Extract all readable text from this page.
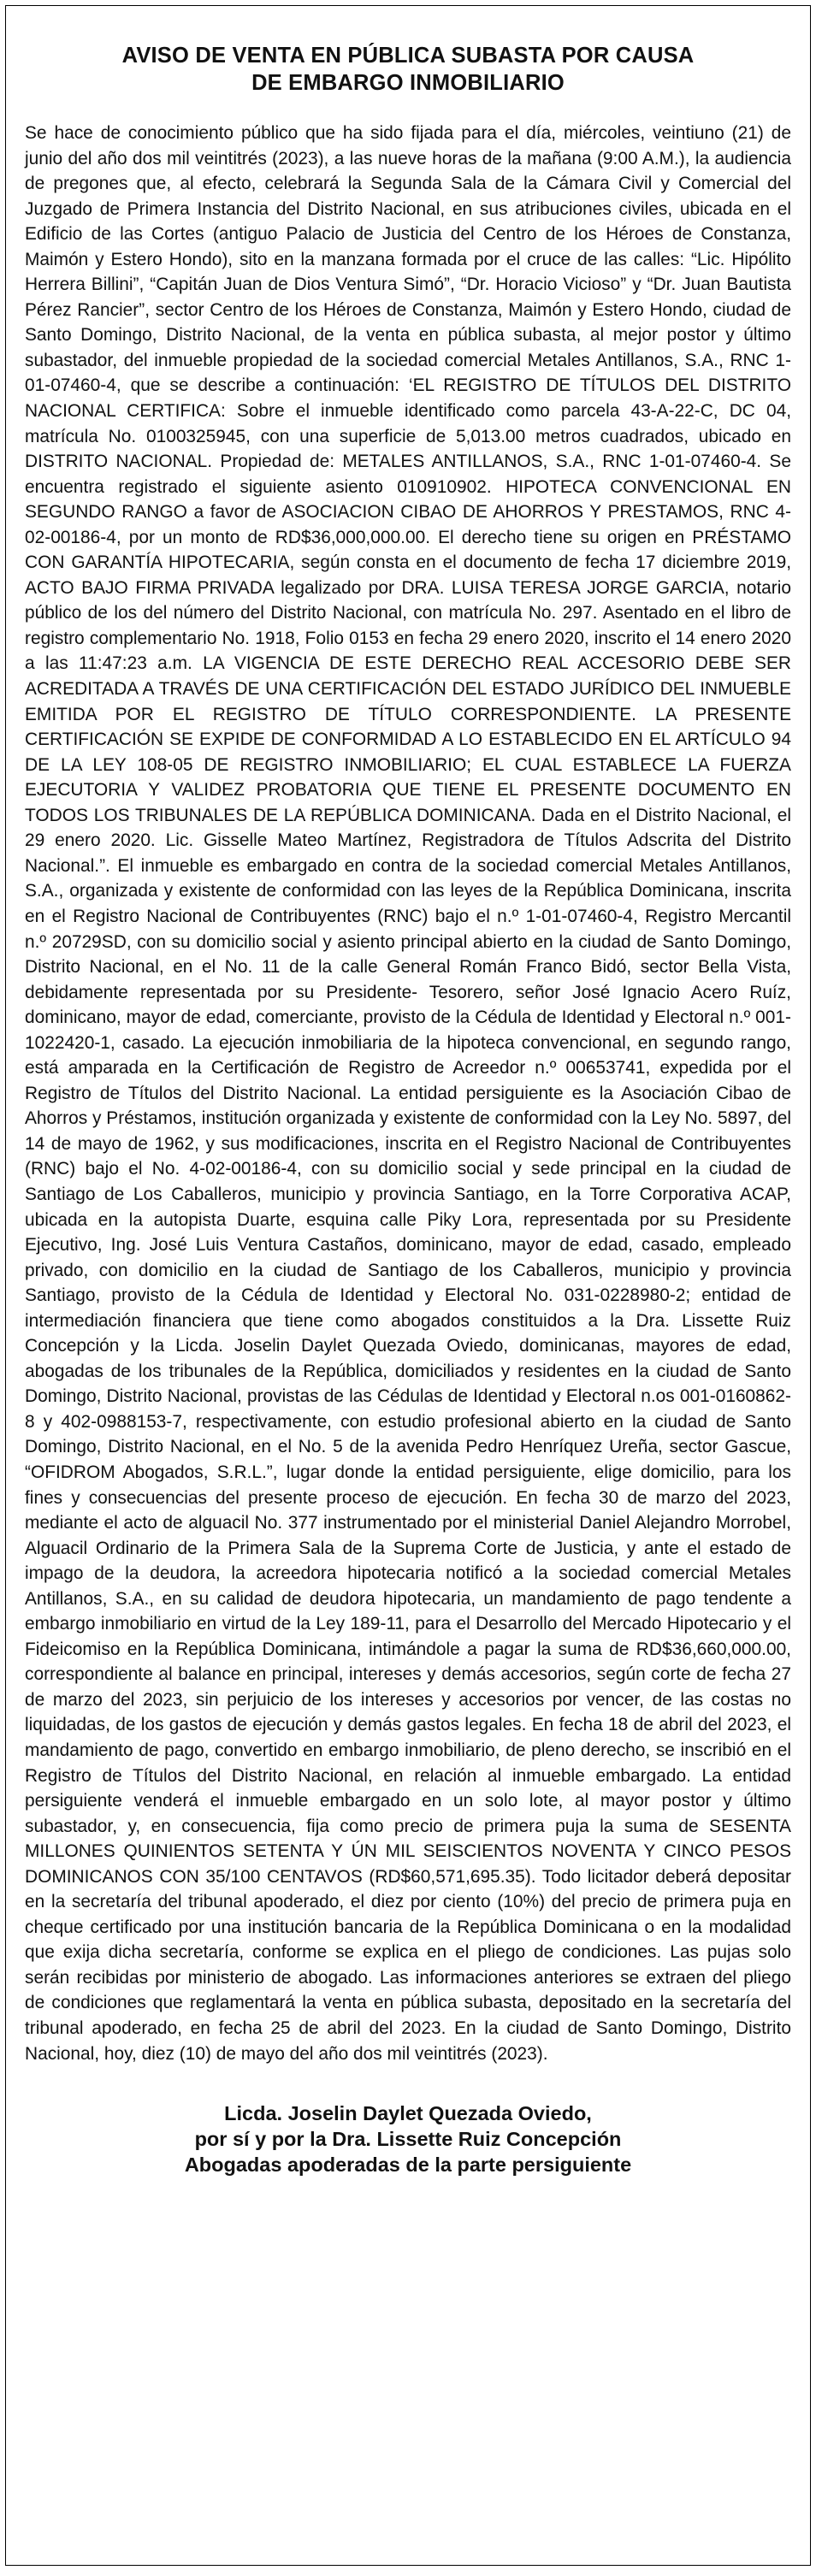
AVISO DE VENTA EN PÚBLICA SUBASTA POR CAUSA
DE EMBARGO INMOBILIARIO

Se hace de conocimiento público que ha sido fijada para el día, miércoles, veintiuno (21) de junio del año dos mil veintitrés (2023), a las nueve horas de la mañana (9:00 A.M.), la audiencia de pregones que, al efecto, celebrará la Segunda Sala de la Cámara Civil y Comercial del Juzgado de Primera Instancia del Distrito Nacional, en sus atribuciones civiles, ubicada en el Edificio de las Cortes (antiguo Palacio de Justicia del Centro de los Héroes de Constanza, Maimón y Estero Hondo), sito en la manzana formada por el cruce de las calles: “Lic. Hipólito Herrera Billini”, “Capitán Juan de Dios Ventura Simó”, “Dr. Horacio Vicioso” y “Dr. Juan Bautista Pérez Rancier”, sector Centro de los Héroes de Constanza, Maimón y Estero Hondo, ciudad de Santo Domingo, Distrito Nacional, de la venta en pública subasta, al mejor postor y último subastador, del inmueble propiedad de la sociedad comercial Metales Antillanos, S.A., RNC 1-01-07460-4, que se describe a continuación: ‘EL REGISTRO DE TÍTULOS DEL DISTRITO NACIONAL CERTIFICA: Sobre el inmueble identificado como parcela 43-A-22-C, DC 04, matrícula No. 0100325945, con una superficie de 5,013.00 metros cuadrados, ubicado en DISTRITO NACIONAL. Propiedad de: METALES ANTILLANOS, S.A., RNC 1-01-07460-4. Se encuentra registrado el siguiente asiento 010910902. HIPOTECA CONVENCIONAL EN SEGUNDO RANGO a favor de ASOCIACION CIBAO DE AHORROS Y PRESTAMOS, RNC 4-02-00186-4, por un monto de RD$36,000,000.00. El derecho tiene su origen en PRÉSTAMO CON GARANTÍA HIPOTECARIA, según consta en el documento de fecha 17 diciembre 2019, ACTO BAJO FIRMA PRIVADA legalizado por DRA. LUISA TERESA JORGE GARCIA, notario público de los del número del Distrito Nacional, con matrícula No. 297. Asentado en el libro de registro complementario No. 1918, Folio 0153 en fecha 29 enero 2020, inscrito el 14 enero 2020 a las 11:47:23 a.m. LA VIGENCIA DE ESTE DERECHO REAL ACCESORIO DEBE SER ACREDITADA A TRAVÉS DE UNA CERTIFICACIÓN DEL ESTADO JURÍDICO DEL INMUEBLE EMITIDA POR EL REGISTRO DE TÍTULO CORRESPONDIENTE. LA PRESENTE CERTIFICACIÓN SE EXPIDE DE CONFORMIDAD A LO ESTABLECIDO EN EL ARTÍCULO 94 DE LA LEY 108-05 DE REGISTRO INMOBILIARIO; EL CUAL ESTABLECE LA FUERZA EJECUTORIA Y VALIDEZ PROBATORIA QUE TIENE EL PRESENTE DOCUMENTO EN TODOS LOS TRIBUNALES DE LA REPÚBLICA DOMINICANA. Dada en el Distrito Nacional, el 29 enero 2020. Lic. Gisselle Mateo Martínez, Registradora de Títulos Adscrita del Distrito Nacional.”. El inmueble es embargado en contra de la sociedad comercial Metales Antillanos, S.A., organizada y existente de conformidad con las leyes de la República Dominicana, inscrita en el Registro Nacional de Contribuyentes (RNC) bajo el n.º 1-01-07460-4, Registro Mercantil n.º 20729SD, con su domicilio social y asiento principal abierto en la ciudad de Santo Domingo, Distrito Nacional, en el No. 11 de la calle General Román Franco Bidó, sector Bella Vista, debidamente representada por su Presidente- Tesorero, señor José Ignacio Acero Ruíz, dominicano, mayor de edad, comerciante, provisto de la Cédula de Identidad y Electoral n.º 001-1022420-1, casado. La ejecución inmobiliaria de la hipoteca convencional, en segundo rango, está amparada en la Certificación de Registro de Acreedor n.º 00653741, expedida por el Registro de Títulos del Distrito Nacional. La entidad persiguiente es la Asociación Cibao de Ahorros y Préstamos, institución organizada y existente de conformidad con la Ley No. 5897, del 14 de mayo de 1962, y sus modificaciones, inscrita en el Registro Nacional de Contribuyentes (RNC) bajo el No. 4-02-00186-4, con su domicilio social y sede principal en la ciudad de Santiago de Los Caballeros, municipio y provincia Santiago, en la Torre Corporativa ACAP, ubicada en la autopista Duarte, esquina calle Piky Lora, representada por su Presidente Ejecutivo, Ing. José Luis Ventura Castaños, dominicano, mayor de edad, casado, empleado privado, con domicilio en la ciudad de Santiago de los Caballeros, municipio y provincia Santiago, provisto de la Cédula de Identidad y Electoral No. 031-0228980-2; entidad de intermediación financiera que tiene como abogados constituidos a la Dra. Lissette Ruiz Concepción y la Licda. Joselin Daylet Quezada Oviedo, dominicanas, mayores de edad, abogadas de los tribunales de la República, domiciliados y residentes en la ciudad de Santo Domingo, Distrito Nacional, provistas de las Cédulas de Identidad y Electoral n.os 001-0160862-8 y 402-0988153-7, respectivamente, con estudio profesional abierto en la ciudad de Santo Domingo, Distrito Nacional, en el No. 5 de la avenida Pedro Henríquez Ureña, sector Gascue, “OFIDROM Abogados, S.R.L.”, lugar donde la entidad persiguiente, elige domicilio, para los fines y consecuencias del presente proceso de ejecución. En fecha 30 de marzo del 2023, mediante el acto de alguacil No. 377 instrumentado por el ministerial Daniel Alejandro Morrobel, Alguacil Ordinario de la Primera Sala de la Suprema Corte de Justicia, y ante el estado de impago de la deudora, la acreedora hipotecaria notificó a la sociedad comercial Metales Antillanos, S.A., en su calidad de deudora hipotecaria, un mandamiento de pago tendente a embargo inmobiliario en virtud de la Ley 189-11, para el Desarrollo del Mercado Hipotecario y el Fideicomiso en la República Dominicana, intimándole a pagar la suma de RD$36,660,000.00, correspondiente al balance en principal, intereses y demás accesorios, según corte de fecha 27 de marzo del 2023, sin perjuicio de los intereses y accesorios por vencer, de las costas no liquidadas, de los gastos de ejecución y demás gastos legales. En fecha 18 de abril del 2023, el mandamiento de pago, convertido en embargo inmobiliario, de pleno derecho, se inscribió en el Registro de Títulos del Distrito Nacional, en relación al inmueble embargado. La entidad persiguiente venderá el inmueble embargado en un solo lote, al mayor postor y último subastador, y, en consecuencia, fija como precio de primera puja la suma de SESENTA MILLONES QUINIENTOS SETENTA Y ÚN MIL SEISCIENTOS NOVENTA Y CINCO PESOS DOMINICANOS CON 35/100 CENTAVOS (RD$60,571,695.35). Todo licitador deberá depositar en la secretaría del tribunal apoderado, el diez por ciento (10%) del precio de primera puja en cheque certificado por una institución bancaria de la República Dominicana o en la modalidad que exija dicha secretaría, conforme se explica en el pliego de condiciones. Las pujas solo serán recibidas por ministerio de abogado. Las informaciones anteriores se extraen del pliego de condiciones que reglamentará la venta en pública subasta, depositado en la secretaría del tribunal apoderado, en fecha 25 de abril del 2023. En la ciudad de Santo Domingo, Distrito Nacional, hoy, diez (10) de mayo del año dos mil veintitrés (2023).

Licda. Joselin Daylet Quezada Oviedo,
por sí y por la Dra. Lissette Ruiz Concepción
Abogadas apoderadas de la parte persiguiente
